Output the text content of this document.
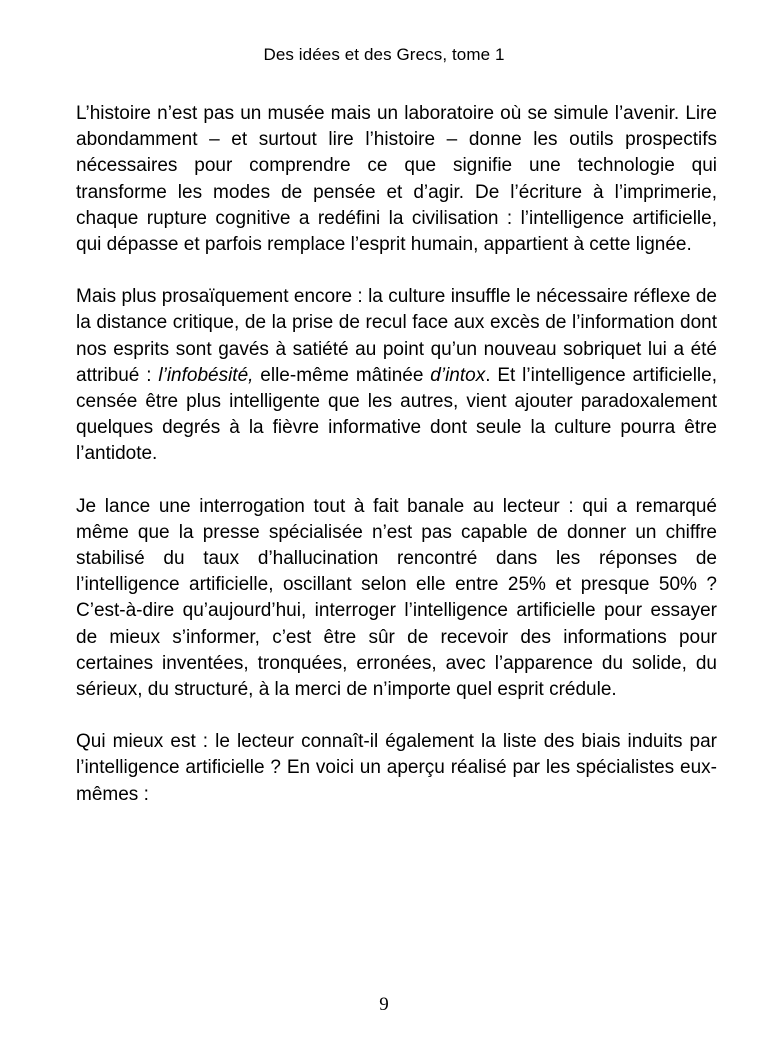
Des idées et des Grecs, tome 1

L’histoire n’est pas un musée mais un laboratoire où se simule l’avenir. Lire abondamment – et surtout lire l’histoire – donne les outils prospectifs nécessaires pour comprendre ce que signifie une technologie qui transforme les modes de pensée et d’agir. De l’écriture à l’imprimerie, chaque rupture cognitive a redéfini la civilisation : l’intelligence artificielle, qui dépasse et parfois remplace l’esprit humain, appartient à cette lignée.

Mais plus prosaïquement encore : la culture insuffle le nécessaire réflexe de la distance critique, de la prise de recul face aux excès de l’information dont nos esprits sont gavés à satiété au point qu’un nouveau sobriquet lui a été attribué : l’infobésité, elle-même mâtinée d’intox. Et l’intelligence artificielle, censée être plus intelligente que les autres, vient ajouter paradoxalement quelques degrés à la fièvre informative dont seule la culture pourra être l’antidote.

Je lance une interrogation tout à fait banale au lecteur : qui a remarqué même que la presse spécialisée n’est pas capable de donner un chiffre stabilisé du taux d’hallucination rencontré dans les réponses de l’intelligence artificielle, oscillant selon elle entre 25% et presque 50% ? C’est-à-dire qu’aujourd’hui, interroger l’intelligence artificielle pour essayer de mieux s’informer, c’est être sûr de recevoir des informations pour certaines inventées, tronquées, erronées, avec l’apparence du solide, du sérieux, du structuré, à la merci de n’importe quel esprit crédule.

Qui mieux est : le lecteur connaît-il également la liste des biais induits par l’intelligence artificielle ? En voici un aperçu réalisé par les spécialistes eux-mêmes :

9
